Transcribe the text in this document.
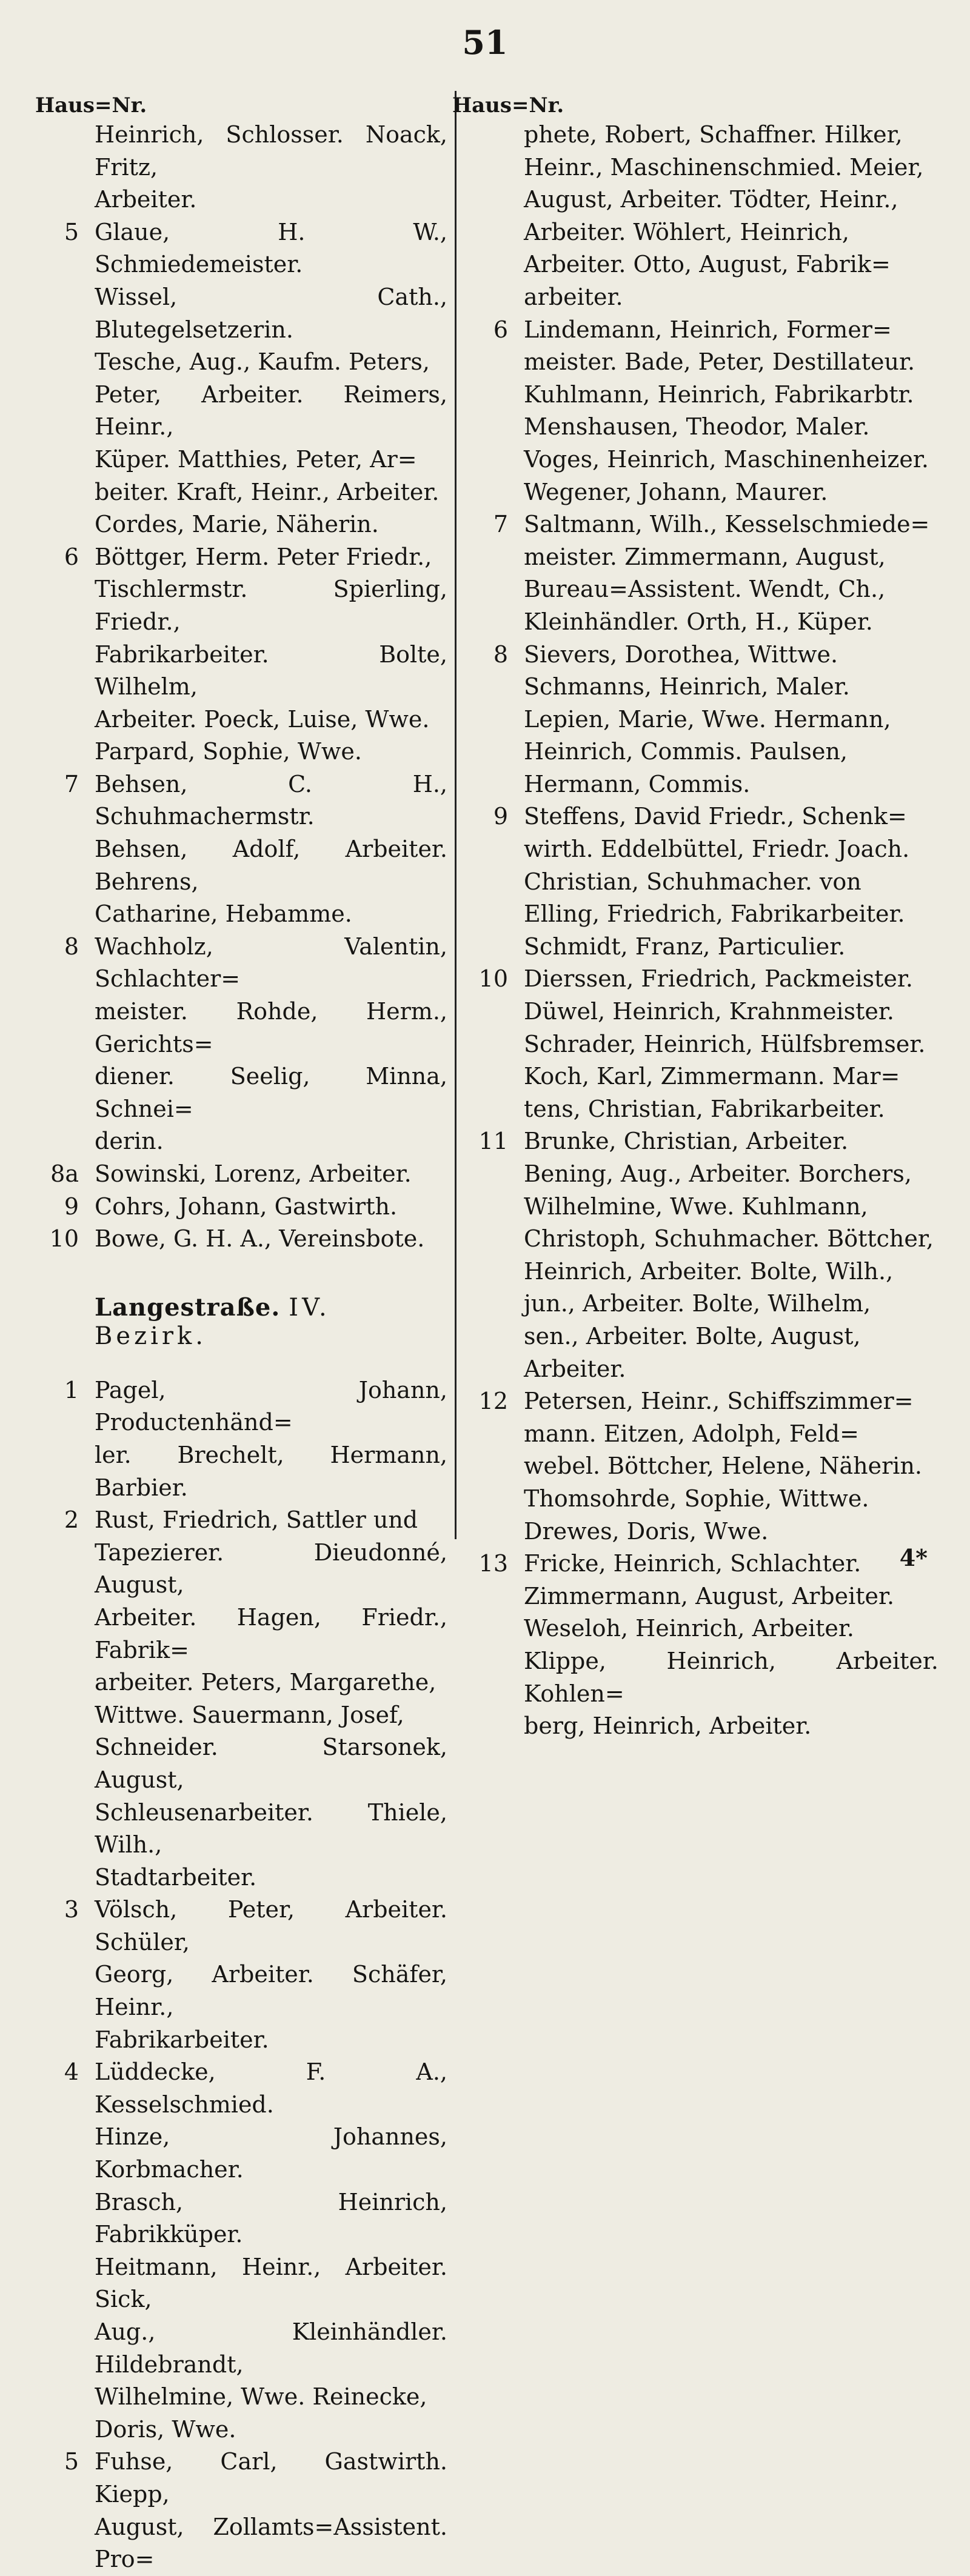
51
Haus=Nr.
Heinrich, Schlosser. Noack, Fritz,
Arbeiter.
5 Glaue, H. W., Schmiedemeister.
Wissel, Cath., Blutegelsetzerin.
Tesche, Aug., Kaufm. Peters,
Peter, Arbeiter. Reimers, Heinr.,
Küper. Matthies, Peter, Ar=
beiter. Kraft, Heinr., Arbeiter.
Cordes, Marie, Näherin.
6 Böttger, Herm. Peter Friedr.,
Tischlermstr. Spierling, Friedr.,
Fabrikarbeiter. Bolte, Wilhelm,
Arbeiter. Poeck, Luise, Wwe.
Parpard, Sophie, Wwe.
7 Behsen, C. H., Schuhmachermstr.
Behsen, Adolf, Arbeiter. Behrens,
Catharine, Hebamme.
8 Wachholz, Valentin, Schlachter=
meister. Rohde, Herm., Gerichts=
diener. Seelig, Minna, Schnei=
derin.
8a Sowinski, Lorenz, Arbeiter.
9 Cohrs, Johann, Gastwirth.
10 Bowe, G. H. A., Vereinsbote.
Langestraße. IV. Bezirk.
1 Pagel, Johann, Productenhänd=
ler. Brechelt, Hermann, Barbier.
2 Rust, Friedrich, Sattler und
Tapezierer. Dieudonné, August,
Arbeiter. Hagen, Friedr., Fabrik=
arbeiter. Peters, Margarethe,
Wittwe. Sauermann, Josef,
Schneider. Starsonek, August,
Schleusenarbeiter. Thiele, Wilh.,
Stadtarbeiter.
3 Völsch, Peter, Arbeiter. Schüler,
Georg, Arbeiter. Schäfer, Heinr.,
Fabrikarbeiter.
4 Lüddecke, F. A., Kesselschmied.
Hinze, Johannes, Korbmacher.
Brasch, Heinrich, Fabrikküper.
Heitmann, Heinr., Arbeiter. Sick,
Aug., Kleinhändler. Hildebrandt,
Wilhelmine, Wwe. Reinecke,
Doris, Wwe.
5 Fuhse, Carl, Gastwirth. Kiepp,
August, Zollamts=Assistent. Pro=
Haus=Nr.
phete, Robert, Schaffner. Hilker,
Heinr., Maschinenschmied. Meier,
August, Arbeiter. Tödter, Heinr.,
Arbeiter. Wöhlert, Heinrich,
Arbeiter. Otto, August, Fabrik=
arbeiter.
6 Lindemann, Heinrich, Former=
meister. Bade, Peter, Destillateur.
Kuhlmann, Heinrich, Fabrikarbtr.
Menshausen, Theodor, Maler.
Voges, Heinrich, Maschinenheizer.
Wegener, Johann, Maurer.
7 Saltmann, Wilh., Kesselschmiede=
meister. Zimmermann, August,
Bureau=Assistent. Wendt, Ch.,
Kleinhändler. Orth, H., Küper.
8 Sievers, Dorothea, Wittwe.
Schmanns, Heinrich, Maler.
Lepien, Marie, Wwe. Hermann,
Heinrich, Commis. Paulsen,
Hermann, Commis.
9 Steffens, David Friedr., Schenk=
wirth. Eddelbüttel, Friedr. Joach.
Christian, Schuhmacher. von
Elling, Friedrich, Fabrikarbeiter.
Schmidt, Franz, Particulier.
10 Dierssen, Friedrich, Packmeister.
Düwel, Heinrich, Krahnmeister.
Schrader, Heinrich, Hülfsbremser.
Koch, Karl, Zimmermann. Mar=
tens, Christian, Fabrikarbeiter.
11 Brunke, Christian, Arbeiter.
Bening, Aug., Arbeiter. Borchers,
Wilhelmine, Wwe. Kuhlmann,
Christoph, Schuhmacher. Böttcher,
Heinrich, Arbeiter. Bolte, Wilh.,
jun., Arbeiter. Bolte, Wilhelm,
sen., Arbeiter. Bolte, August,
Arbeiter.
12 Petersen, Heinr., Schiffszimmer=
mann. Eitzen, Adolph, Feld=
webel. Böttcher, Helene, Näherin.
Thomsohrde, Sophie, Wittwe.
Drewes, Doris, Wwe.
13 Fricke, Heinrich, Schlachter.
Zimmermann, August, Arbeiter.
Weseloh, Heinrich, Arbeiter.
Klippe, Heinrich, Arbeiter. Kohlen=
berg, Heinrich, Arbeiter.
4*
